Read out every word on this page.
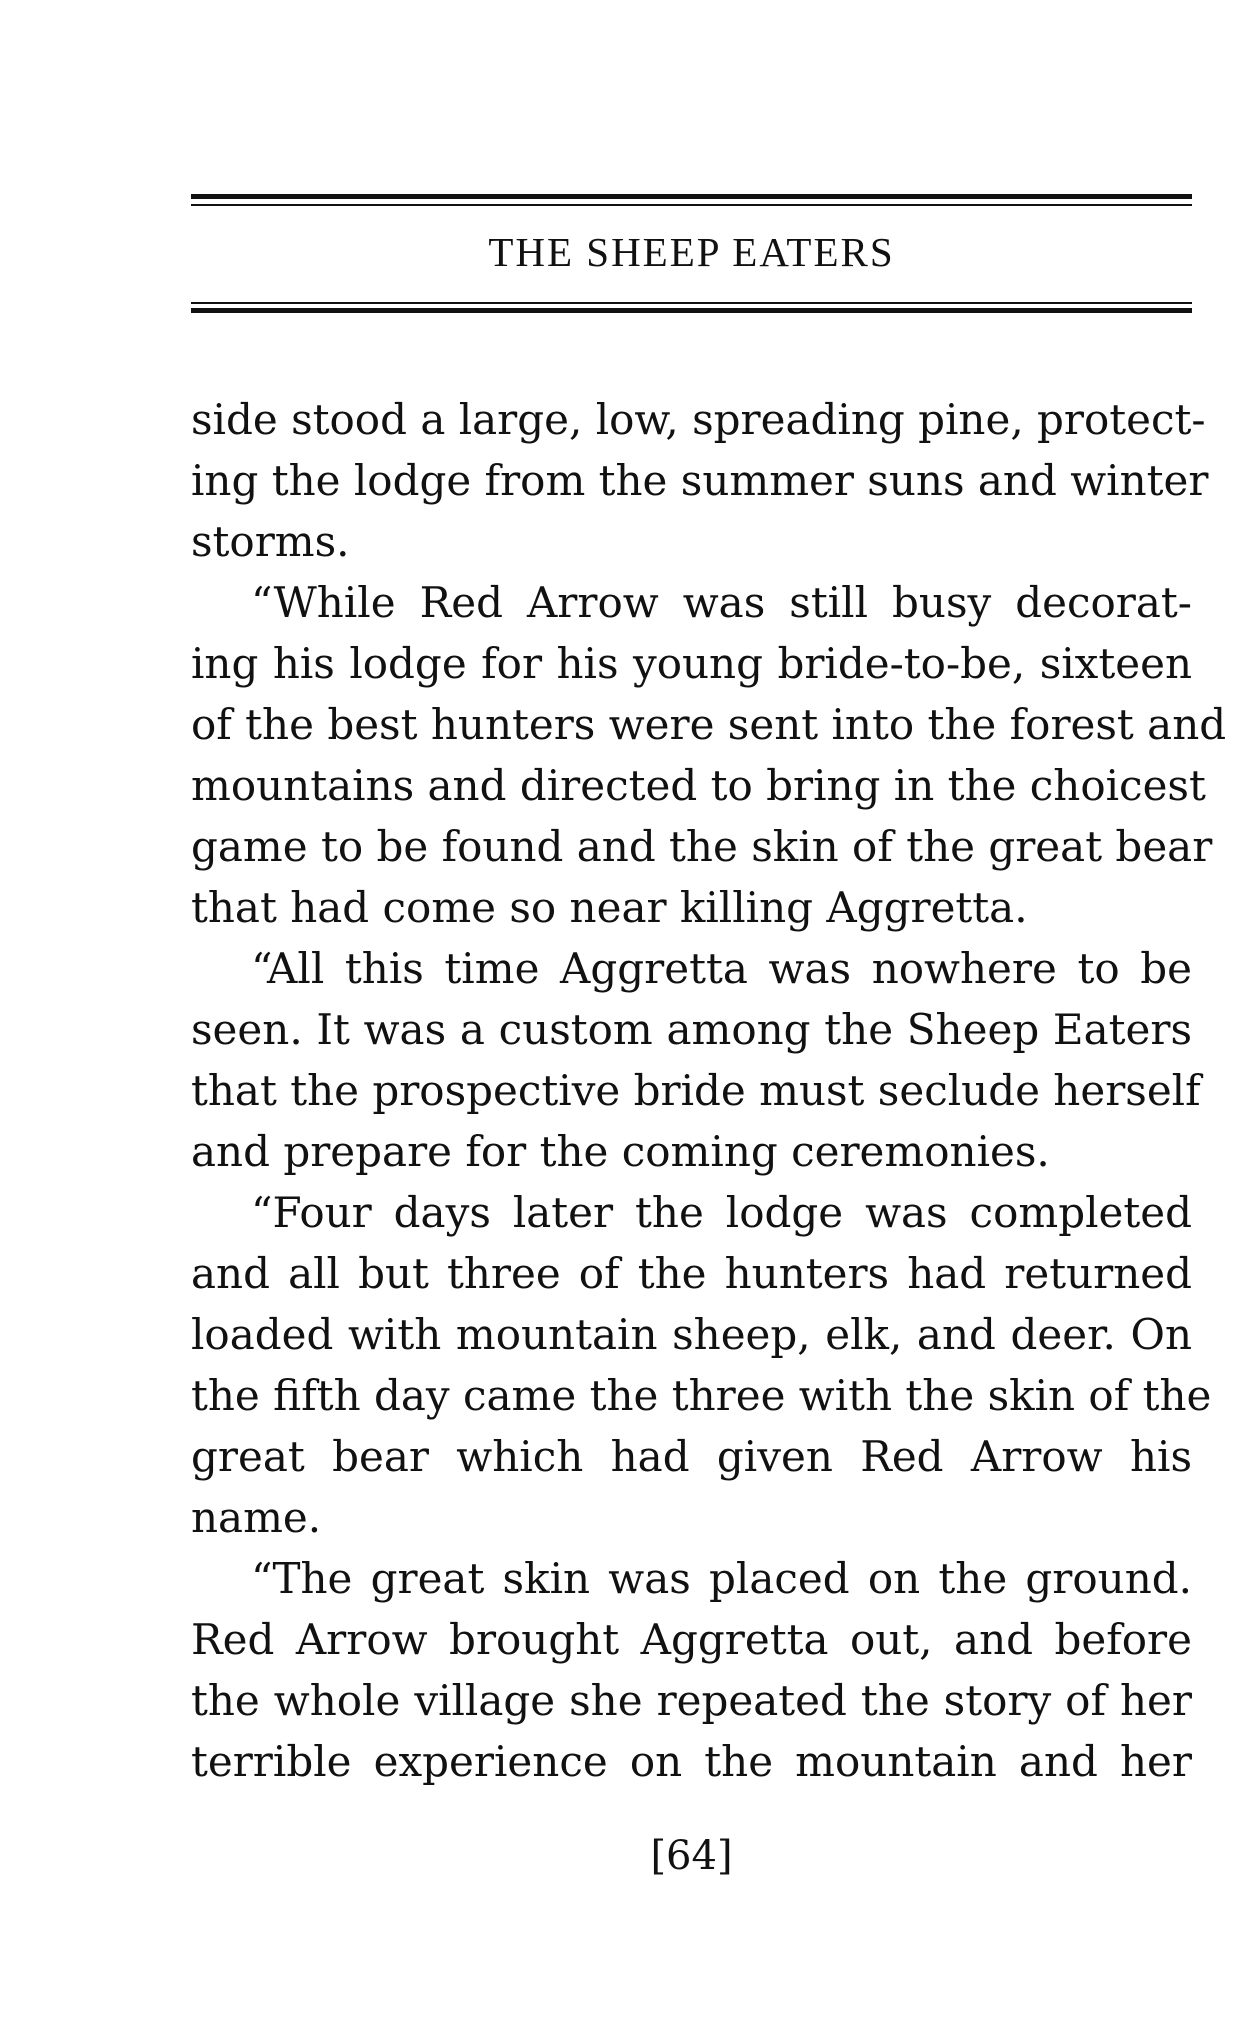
THE SHEEP EATERS
side stood a large, low, spreading pine, protect-
ing the lodge from the summer suns and winter
storms.
“While Red Arrow was still busy decorat-
ing his lodge for his young bride-to-be, sixteen
of the best hunters were sent into the forest and
mountains and directed to bring in the choicest
game to be found and the skin of the great bear
that had come so near killing Aggretta.
“All this time Aggretta was nowhere to be
seen. It was a custom among the Sheep Eaters
that the prospective bride must seclude herself
and prepare for the coming ceremonies.
“Four days later the lodge was completed
and all but three of the hunters had returned
loaded with mountain sheep, elk, and deer. On
the fifth day came the three with the skin of the
great bear which had given Red Arrow his
name.
“The great skin was placed on the ground.
Red Arrow brought Aggretta out, and before
the whole village she repeated the story of her
terrible experience on the mountain and her
[64]
